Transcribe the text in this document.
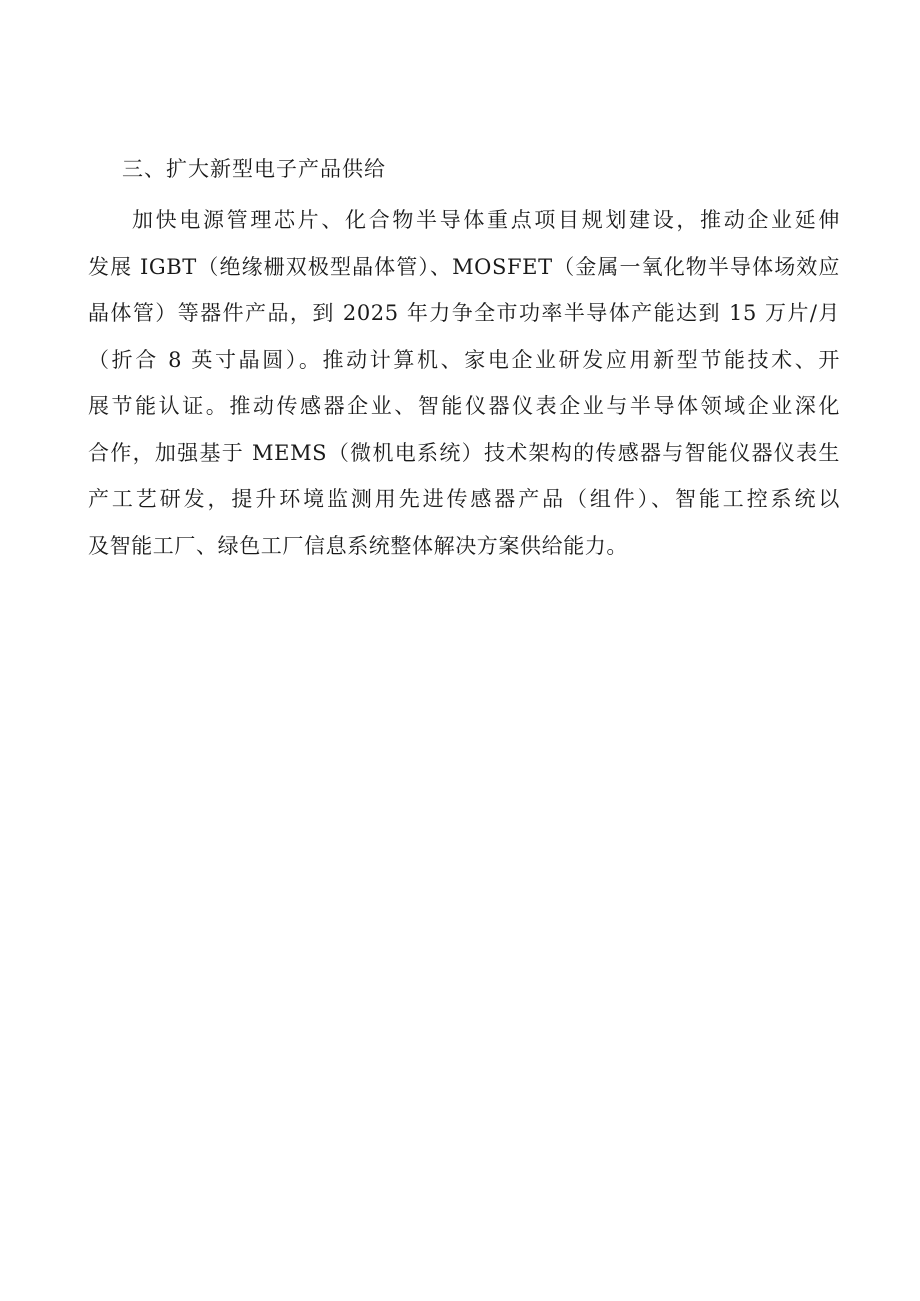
三、扩大新型电子产品供给
加快电源管理芯片、化合物半导体重点项目规划建设，推动企业延伸
发展 IGBT（绝缘栅双极型晶体管）、MOSFET（金属一氧化物半导体场效应
晶体管）等器件产品，到 2025 年力争全市功率半导体产能达到 15 万片/月
（折合 8 英寸晶圆）。推动计算机、家电企业研发应用新型节能技术、开
展节能认证。推动传感器企业、智能仪器仪表企业与半导体领域企业深化
合作，加强基于 MEMS（微机电系统）技术架构的传感器与智能仪器仪表生
产工艺研发，提升环境监测用先进传感器产品（组件）、智能工控系统以
及智能工厂、绿色工厂信息系统整体解决方案供给能力。
